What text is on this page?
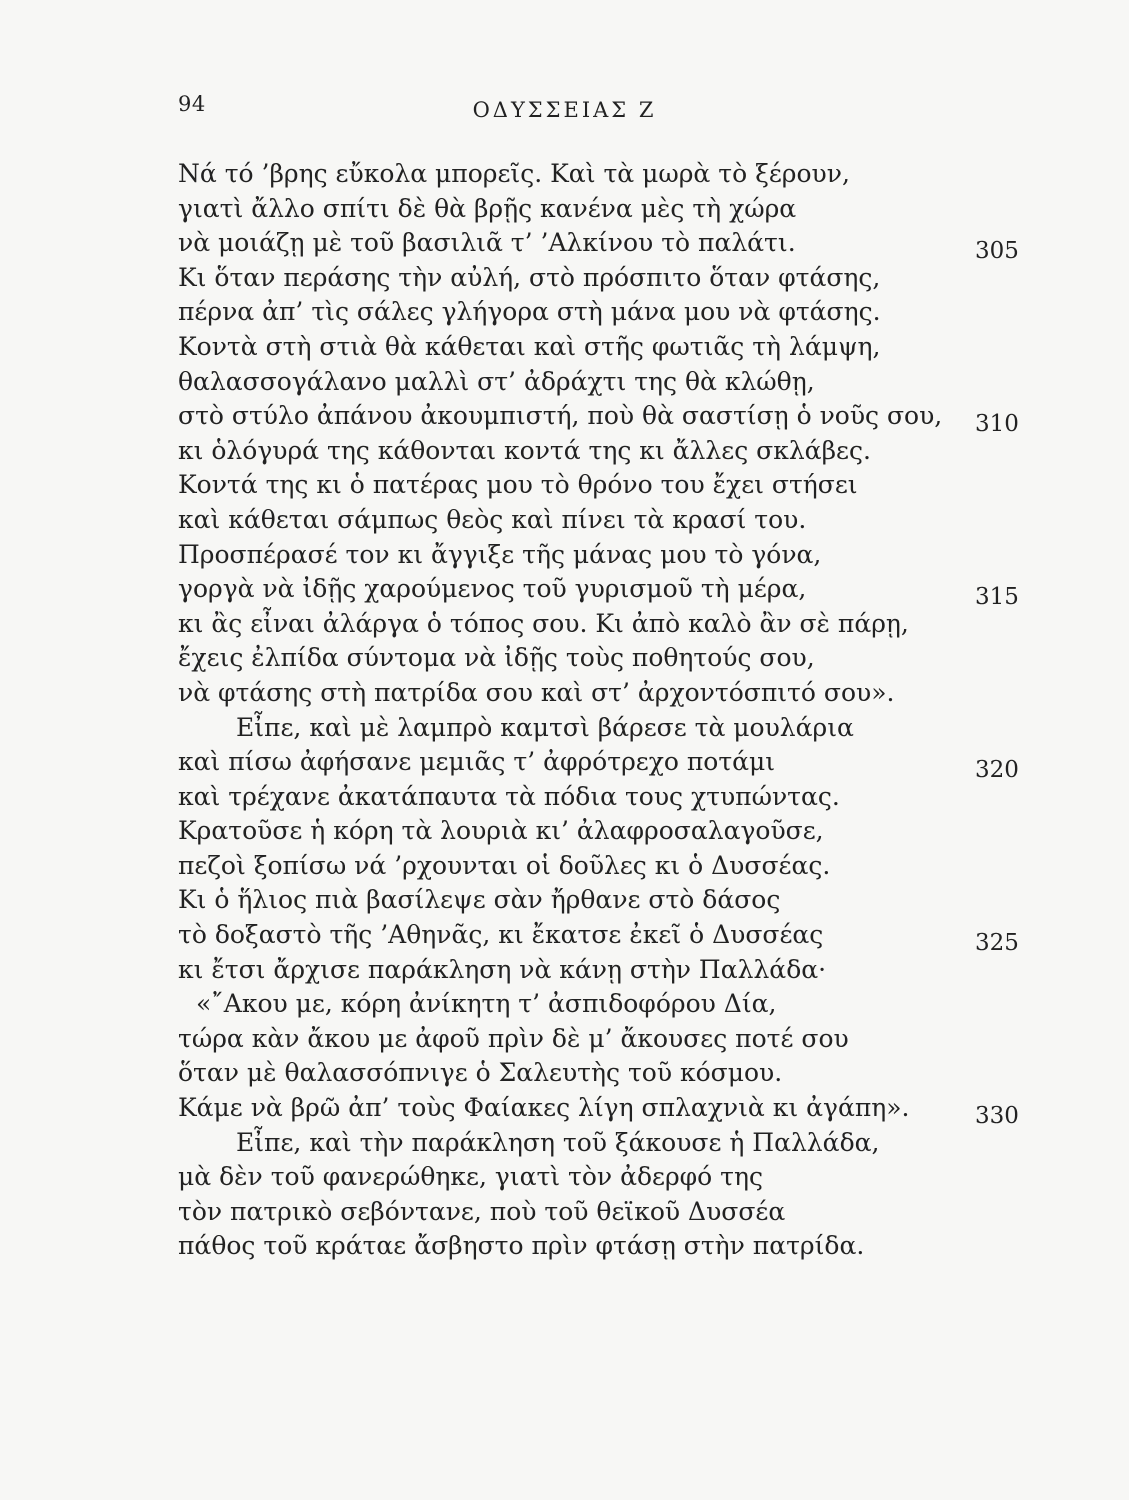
94	ΟΔΥΣΣΕΙΑΣ Ζ
Νά τό ’βρης εὔκολα μπορεῖς. Καὶ τὰ μωρὰ τὸ ξέρουν,
γιατὶ ἄλλο σπίτι δὲ θὰ βρῇς κανένα μὲς τὴ χώρα
νὰ μοιάζῃ μὲ τοῦ βασιλιᾶ τ’ ’Αλκίνου τὸ παλάτι.	305
Κι ὅταν περάσης τὴν αὐλή, στὸ πρόσπιτο ὅταν φτάσης,
πέρνα ἀπ’ τὶς σάλες γλήγορα στὴ μάνα μου νὰ φτάσης.
Κοντὰ στὴ στιὰ θὰ κάθεται καὶ στῆς φωτιᾶς τὴ λάμψη,
θαλασσογάλανο μαλλὶ στ’ ἀδράχτι της θὰ κλώθῃ,
στὸ στύλο ἀπάνου ἀκουμπιστή, ποὺ θὰ σαστίσῃ ὁ νοῦς σου, 310
κι ὁλόγυρά της κάθονται κοντά της κι ἄλλες σκλάβες.
Κοντά της κι ὁ πατέρας μου τὸ θρόνο του ἔχει στήσει
καὶ κάθεται σάμπως θεὸς καὶ πίνει τὰ κρασί του.
Προσπέρασέ τον κι ἄγγιξε τῆς μάνας μου τὸ γόνα,
γοργὰ νὰ ἰδῇς χαρούμενος τοῦ γυρισμοῦ τὴ μέρα,	315
κι ἂς εἶναι ἀλάργα ὁ τόπος σου. Κι ἀπὸ καλὸ ἂν σὲ πάρῃ,
ἔχεις ἐλπίδα σύντομα νὰ ἰδῇς τοὺς ποθητούς σου,
νὰ φτάσης στὴ πατρίδα σου καὶ στ’ ἀρχοντόσπιτό σου».
Εἶπε, καὶ μὲ λαμπρὸ καμτσὶ βάρεσε τὰ μουλάρια
καὶ πίσω ἀφήσανε μεμιᾶς τ’ ἀφρότρεχο ποτάμι	320
καὶ τρέχανε ἀκατάπαυτα τὰ πόδια τους χτυπώντας.
Κρατοῦσε ἡ κόρη τὰ λουριὰ κι’ ἀλαφροσαλαγοῦσε,
πεζοὶ ξοπίσω νά ’ρχουνται οἱ δοῦλες κι ὁ Δυσσέας.
Κι ὁ ἥλιος πιὰ βασίλεψε σὰν ἤρθανε στὸ δάσος
τὸ δοξαστὸ τῆς ’Αθηνᾶς, κι ἔκατσε ἐκεῖ ὁ Δυσσέας	325
κι ἔτσι ἄρχισε παράκληση νὰ κάνῃ στὴν Παλλάδα·
«῎Ακου με, κόρη ἀνίκητη τ’ ἀσπιδοφόρου Δία,
τώρα κὰν ἄκου με ἀφοῦ πρὶν δὲ μ’ ἄκουσες ποτέ σου
ὅταν μὲ θαλασσόπνιγε ὁ Σαλευτὴς τοῦ κόσμου.
Κάμε νὰ βρῶ ἀπ’ τοὺς Φαίακες λίγη σπλαχνιὰ κι ἀγάπη».	330
Εἶπε, καὶ τὴν παράκληση τοῦ ξάκουσε ἡ Παλλάδα,
μὰ δὲν τοῦ φανερώθηκε, γιατὶ τὸν ἀδερφό της
τὸν πατρικὸ σεβόντανε, ποὺ τοῦ θεϊκοῦ Δυσσέα
πάθος τοῦ κράταε ἄσβηστο πρὶν φτάσῃ στὴν πατρίδα.
